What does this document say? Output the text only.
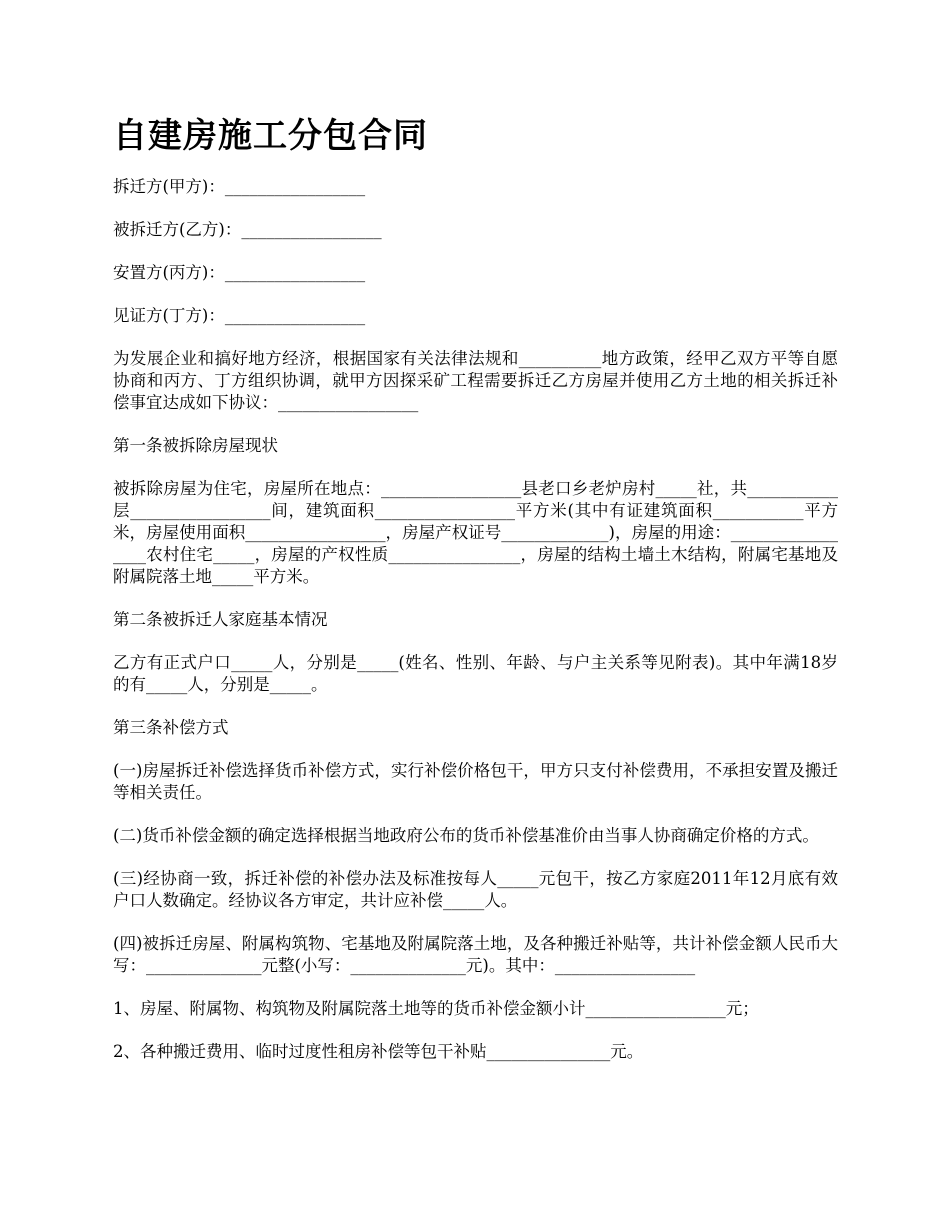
自建房施工分包合同

拆迁方(甲方)：_________________

被拆迁方(乙方)：_________________

安置方(丙方)：_________________

见证方(丁方)：_________________

为发展企业和搞好地方经济，根据国家有关法律法规和__________地方政策，经甲乙双方平等自愿协商和丙方、丁方组织协调，就甲方因探采矿工程需要拆迁乙方房屋并使用乙方土地的相关拆迁补偿事宜达成如下协议：_________________

第一条被拆除房屋现状

被拆除房屋为住宅，房屋所在地点：_________________县老口乡老炉房村_____社，共___________层_________________间，建筑面积_________________平方米(其中有证建筑面积___________平方米，房屋使用面积_________________，房屋产权证号_____________)，房屋的用途：_________________农村住宅_____，房屋的产权性质________________，房屋的结构土墙土木结构，附属宅基地及附属院落土地_____平方米。

第二条被拆迁人家庭基本情况

乙方有正式户口_____人，分别是_____(姓名、性别、年龄、与户主关系等见附表)。其中年满18岁的有_____人，分别是_____。

第三条补偿方式

(一)房屋拆迁补偿选择货币补偿方式，实行补偿价格包干，甲方只支付补偿费用，不承担安置及搬迁等相关责任。

(二)货币补偿金额的确定选择根据当地政府公布的货币补偿基准价由当事人协商确定价格的方式。

(三)经协商一致，拆迁补偿的补偿办法及标准按每人_____元包干，按乙方家庭2011年12月底有效户口人数确定。经协议各方审定，共计应补偿_____人。

(四)被拆迁房屋、附属构筑物、宅基地及附属院落土地，及各种搬迁补贴等，共计补偿金额人民币大写：______________元整(小写：______________元)。其中：_________________

1、房屋、附属物、构筑物及附属院落土地等的货币补偿金额小计_________________元；

2、各种搬迁费用、临时过度性租房补偿等包干补贴_______________元。
